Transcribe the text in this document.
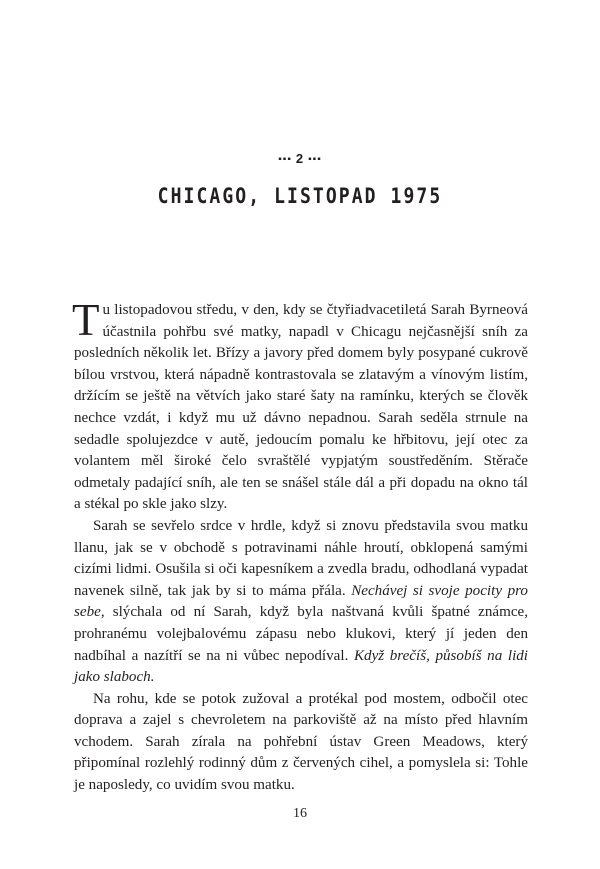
▪▪▪ 2 ▪▪▪
CHICAGO, LISTOPAD 1975

Tu listopadovou středu, v den, kdy se čtyřiadvacetiletá Sarah Byrneová účastnila pohřbu své matky, napadl v Chicagu nejčasnější sníh za posledních několik let. Břízy a javory před domem byly posypané cukrově bílou vrstvou, která nápadně kontrastovala se zlatavým a vínovým listím, držícím se ještě na větvích jako staré šaty na ramínku, kterých se člověk nechce vzdát, i když mu už dávno nepadnou. Sarah seděla strnule na sedadle spolujezdce v autě, jedoucím pomalu ke hřbitovu, její otec za volantem měl široké čelo svraštělé vypjatým soustředěním. Stěrače odmetaly padající sníh, ale ten se snášel stále dál a při dopadu na okno tál a stékal po skle jako slzy.

Sarah se sevřelo srdce v hrdle, když si znovu představila svou matku llanu, jak se v obchodě s potravinami náhle hroutí, obklopená samými cizími lidmi. Osušila si oči kapesníkem a zvedla bradu, odhodlaná vypadat navenek silně, tak jak by si to máma přála. Nechávej si svoje pocity pro sebe, slýchala od ní Sarah, když byla naštvaná kvůli špatné známce, prohranému volejbalovému zápasu nebo klukovi, který jí jeden den nadbíhal a nazítří se na ni vůbec nepodíval. Když brečíš, působíš na lidi jako slaboch.

Na rohu, kde se potok zužoval a protékal pod mostem, odbočil otec doprava a zajel s chevroletem na parkoviště až na místo před hlavním vchodem. Sarah zírala na pohřební ústav Green Meadows, který připomínal rozlehlý rodinný dům z červených cihel, a pomyslela si: Tohle je naposledy, co uvidím svou matku.

16
